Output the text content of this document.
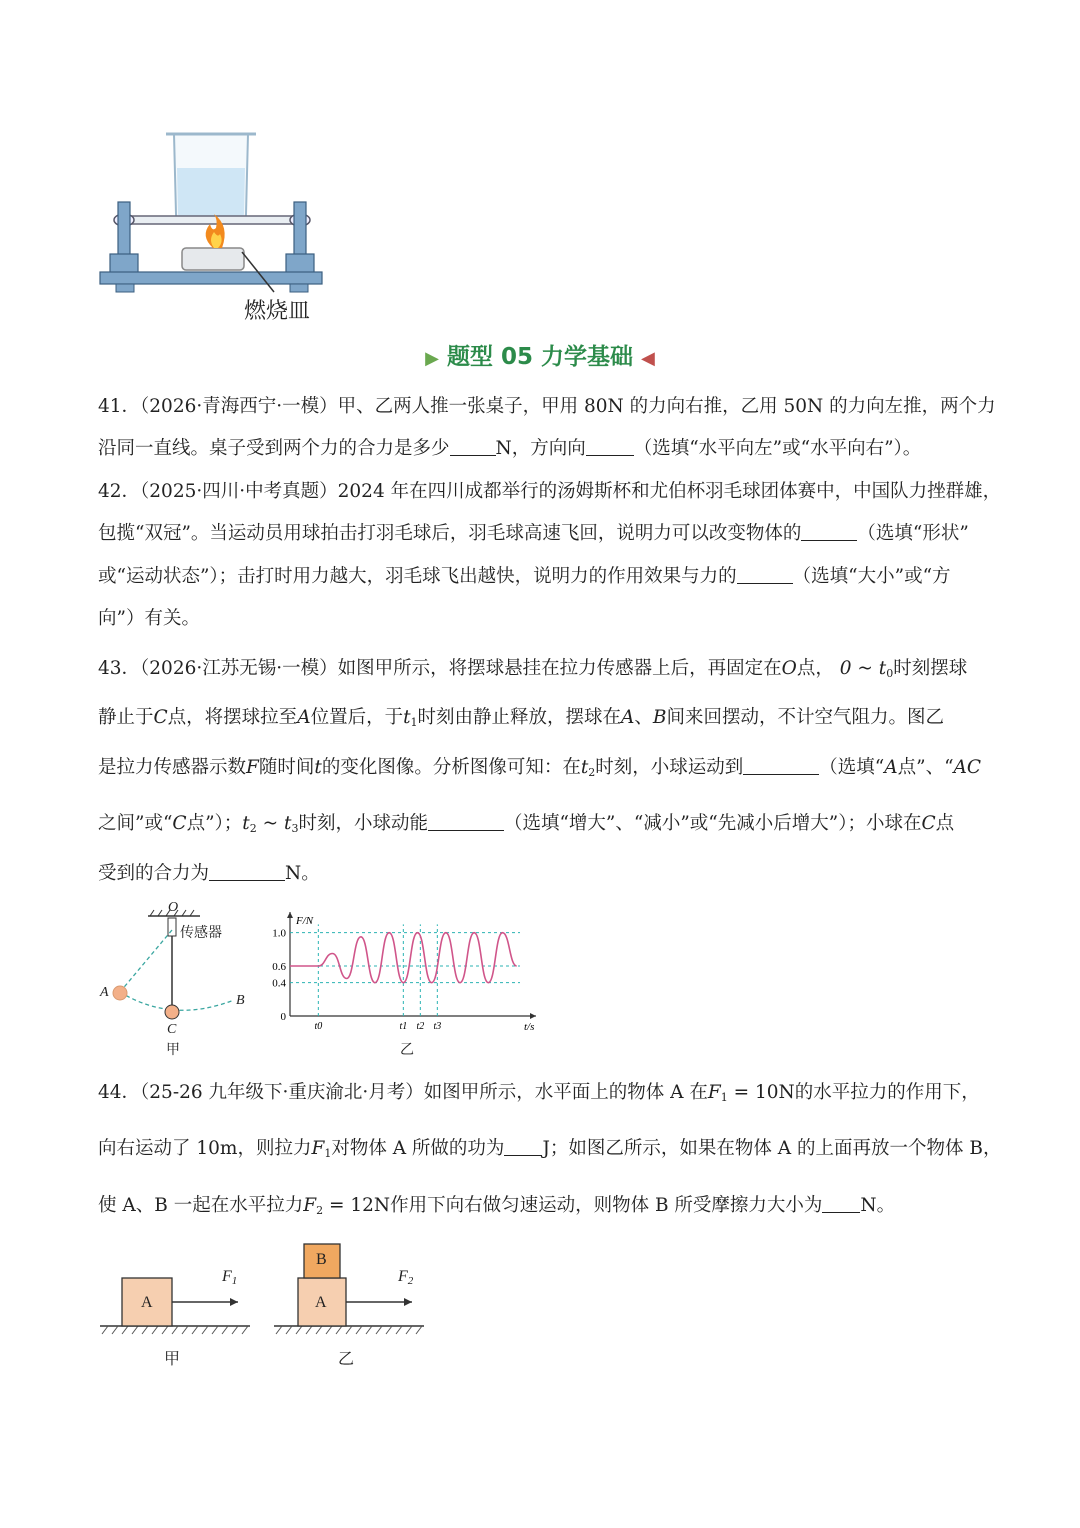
燃烧皿
▶ 题型 05 力学基础 ◀
41．（2026·青海西宁·一模）甲、乙两人推一张桌子，甲用 80N 的力向右推，乙用 50N 的力向左推，两个力
沿同一直线。桌子受到两个力的合力是多少 N，方向向	（选填“水平向左”或“水平向右”）。
42．（2025·四川·中考真题）2024 年在四川成都举行的汤姆斯杯和尤伯杯羽毛球团体赛中，中国队力挫群雄，
包揽“双冠”。当运动员用球拍击打羽毛球后，羽毛球高速飞回，说明力可以改变物体的	（选填“形状”
或“运动状态”）；击打时用力越大，羽毛球飞出越快，说明力的作用效果与力的	（选填“大小”或“方
向”）有关。
43．（2026·江苏无锡·一模）如图甲所示，将摆球悬挂在拉力传感器上后，再固定在O点， 0 ~ $t_0$时刻摆球
静止于C点，将摆球拉至A位置后，于$t_1$时刻由静止释放，摆球在A、B间来回摆动，不计空气阻力。图乙
是拉力传感器示数F随时间t的变化图像。分析图像可知：在$t_2$时刻，小球运动到	（选填“A点”、“AC
之间”或“C点”）；$t_2$ ~ $t_3$时刻，小球动能	（选填“增大”、“减小”或“先减小后增大”）；小球在C点
受到的合力为	N。
O
传感器
A
B
C
甲
1.0
0.6
0.4
0
t0	t1 t2 t3
F/N
t/s
乙
44．（25-26 九年级下·重庆渝北·月考）如图甲所示，水平面上的物体 A 在$F_1 = 10N$的水平拉力的作用下，
向右运动了 10m，则拉力$F_1$对物体 A 所做的功为 J；如图乙所示，如果在物体 A 的上面再放一个物体 B，
使 A、B 一起在水平拉力$F_2 = 12N$作用下向右做匀速运动，则物体 B 所受摩擦力大小为 N。
A
$F_1$
甲
B
A
$F_2$
乙
